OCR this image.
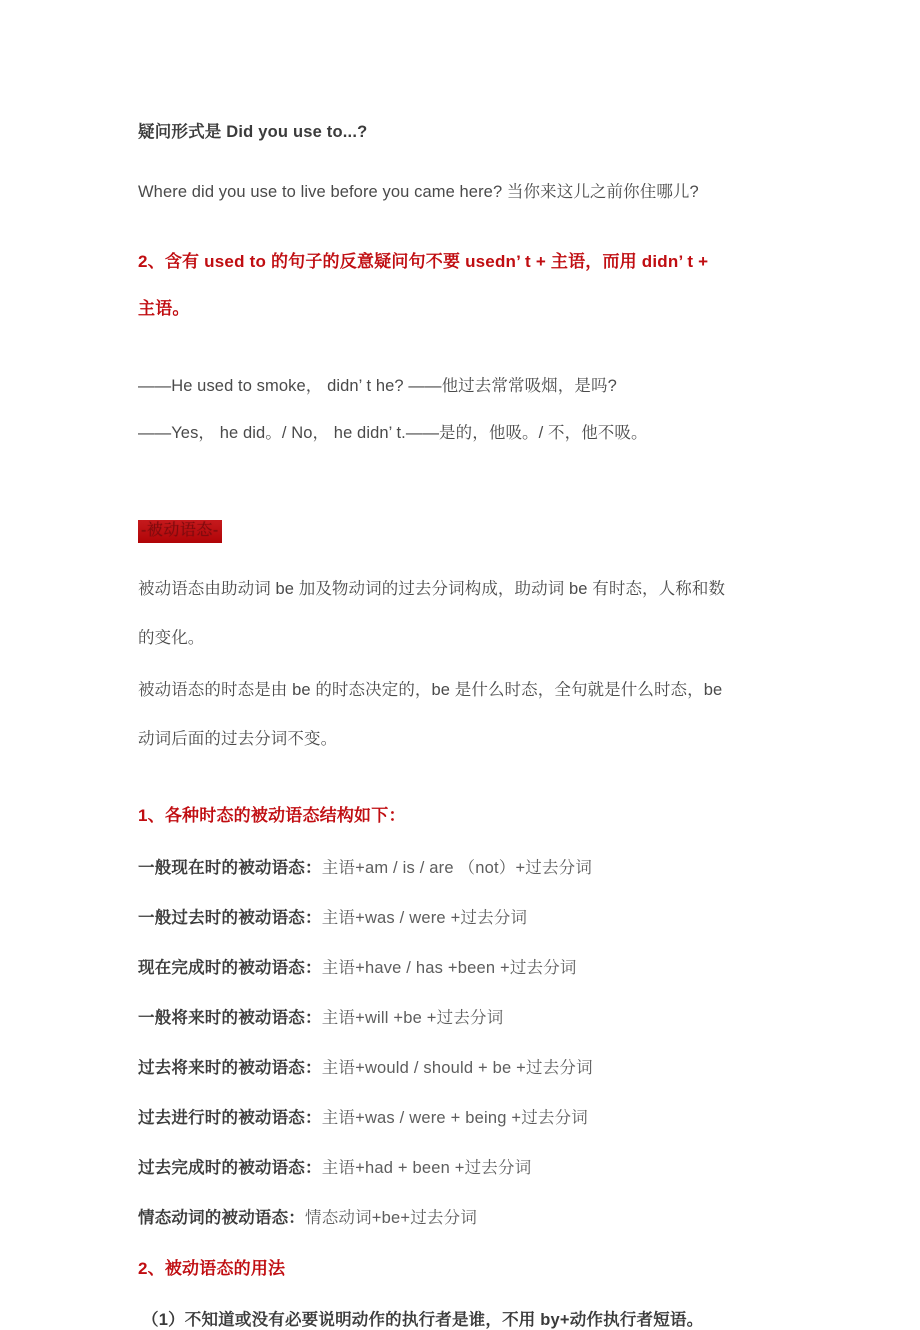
疑问形式是 Did you use to...?
Where did you use to live before you came here? 当你来这儿之前你住哪儿?
2、含有 used to 的句子的反意疑问句不要 usedn’ t + 主语，而用 didn’ t +
主语。
——He used to smoke， didn’ t he? ——他过去常常吸烟，是吗?
——Yes， he did。/ No， he didn’ t.——是的，他吸。/ 不，他不吸。
-被动语态-
被动语态由助动词 be 加及物动词的过去分词构成，助动词 be 有时态，人称和数
的变化。
被动语态的时态是由 be 的时态决定的，be 是什么时态，全句就是什么时态，be
动词后面的过去分词不变。
1、各种时态的被动语态结构如下：
一般现在时的被动语态：主语+am / is / are （not）+过去分词
一般过去时的被动语态：主语+was / were +过去分词
现在完成时的被动语态：主语+have / has +been +过去分词
一般将来时的被动语态：主语+will +be +过去分词
过去将来时的被动语态：主语+would / should + be +过去分词
过去进行时的被动语态：主语+was / were + being +过去分词
过去完成时的被动语态：主语+had + been +过去分词
情态动词的被动语态：情态动词+be+过去分词
2、被动语态的用法
（1）不知道或没有必要说明动作的执行者是谁，不用 by+动作执行者短语。
